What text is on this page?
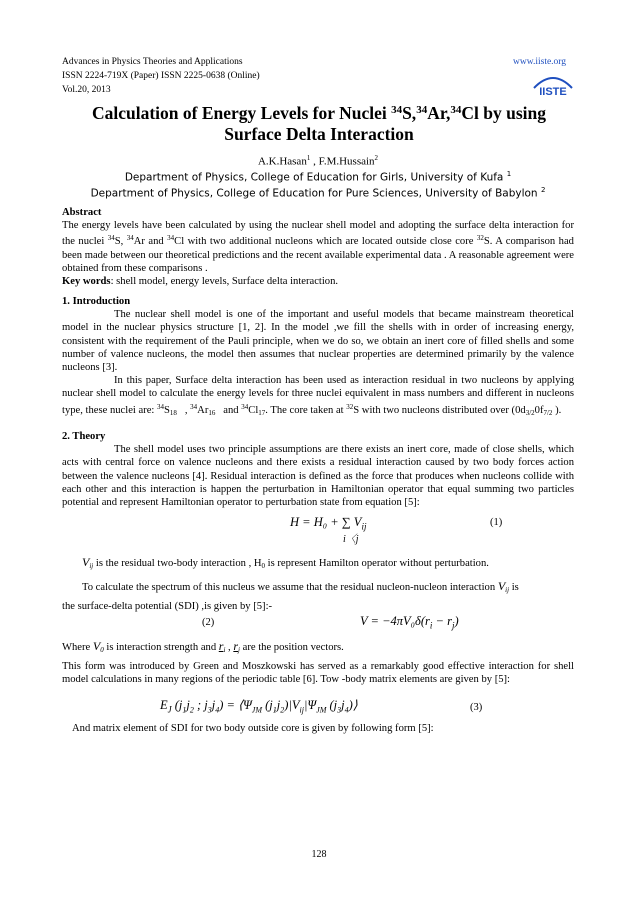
Advances in Physics Theories and Applications
ISSN 2224-719X (Paper) ISSN 2225-0638 (Online)
Vol.20, 2013
www.iiste.org
IISTE
Calculation of Energy Levels for Nuclei $^{34}$S,$^{34}$Ar,$^{34}$Cl by using
Surface Delta Interaction
A.K.Hasan$^1$ , F.M.Hussain$^2$
Department of Physics, College of Education for Girls, University of Kufa $^1$
Department of Physics, College of Education for Pure Sciences, University of Babylon $^2$
Abstract
The energy levels have been calculated by using the nuclear shell model and adopting the surface delta interaction for the nuclei $^{34}$S, $^{34}$Ar and $^{34}$Cl with two additional nucleons which are located outside close core $^{32}$S. A comparison had been made between our theoretical predictions and the recent available experimental data . A reasonable agreement were obtained from these comparisons .
Key words: shell model, energy levels, Surface delta interaction.
1. Introduction
The nuclear shell model is one of the important and useful models that became mainstream theoretical model in the nuclear physics structure [1, 2]. In the model ,we fill the shells with in order of increasing energy, consistent with the requirement of the Pauli principle, when we do so, we obtain an inert core of filled shells and some number of valence nucleons, the model then assumes that nuclear properties are determined primarily by the valence nucleons [3].
In this paper, Surface delta interaction has been used as interaction residual in two nucleons by applying nuclear shell model to calculate the energy levels for three nuclei equivalent in mass numbers and different in nucleons type, these nuclei are: $^{34}S_{18}$   , $^{34}Ar_{16}$   and $^{34}Cl_{17}$. The core taken at $^{32}$S with two nucleons distributed over ($0d_{3/2}0f_{7/2}$ ).
2. Theory
The shell model uses two principle assumptions are there exists an inert core, made of close shells, which acts with central force on valence nucleons and there exists a residual interaction caused by two body forces action between the valence nucleons [4]. Residual interaction is defined as the force that produces when nucleons collide with each other and this interaction is happen the perturbation in Hamiltonian operator that equal summing two particles potential and represent Hamiltonian operator to perturbation state from equation [5]:
H = H₀ + ∑ $V_{ij}$
i〈j
(1)
$V_{ij}$ is the residual two-body interaction , $H_0$ is represent Hamilton operator without perturbation.
To calculate the spectrum of this nucleus we assume that the residual nucleon-nucleon interaction $V_{ij}$ is
the surface-delta potential (SDI) ,is given by [5]:-
(2)	$V = -4\pi V_0\delta(r_i - r_j)$
Where $V_0$ is interaction strength and $r_i$ , $r_j$ are the position vectors.
This form was introduced by Green and Moszkowski has served as a remarkably good effective interaction for shell model calculations in many regions of the periodic table [6]. Tow -body matrix elements are given by [5]:
$E_J$ ($j_1j_2$ ; $j_3j_4$) = $⟨\Psi_{JM}$ $(j_1j_2)|V_{ij}|\Psi_{JM}$ $(j_3j_4)⟩$	(3)
And matrix element of SDI for two body outside core is given by following form [5]:
128
